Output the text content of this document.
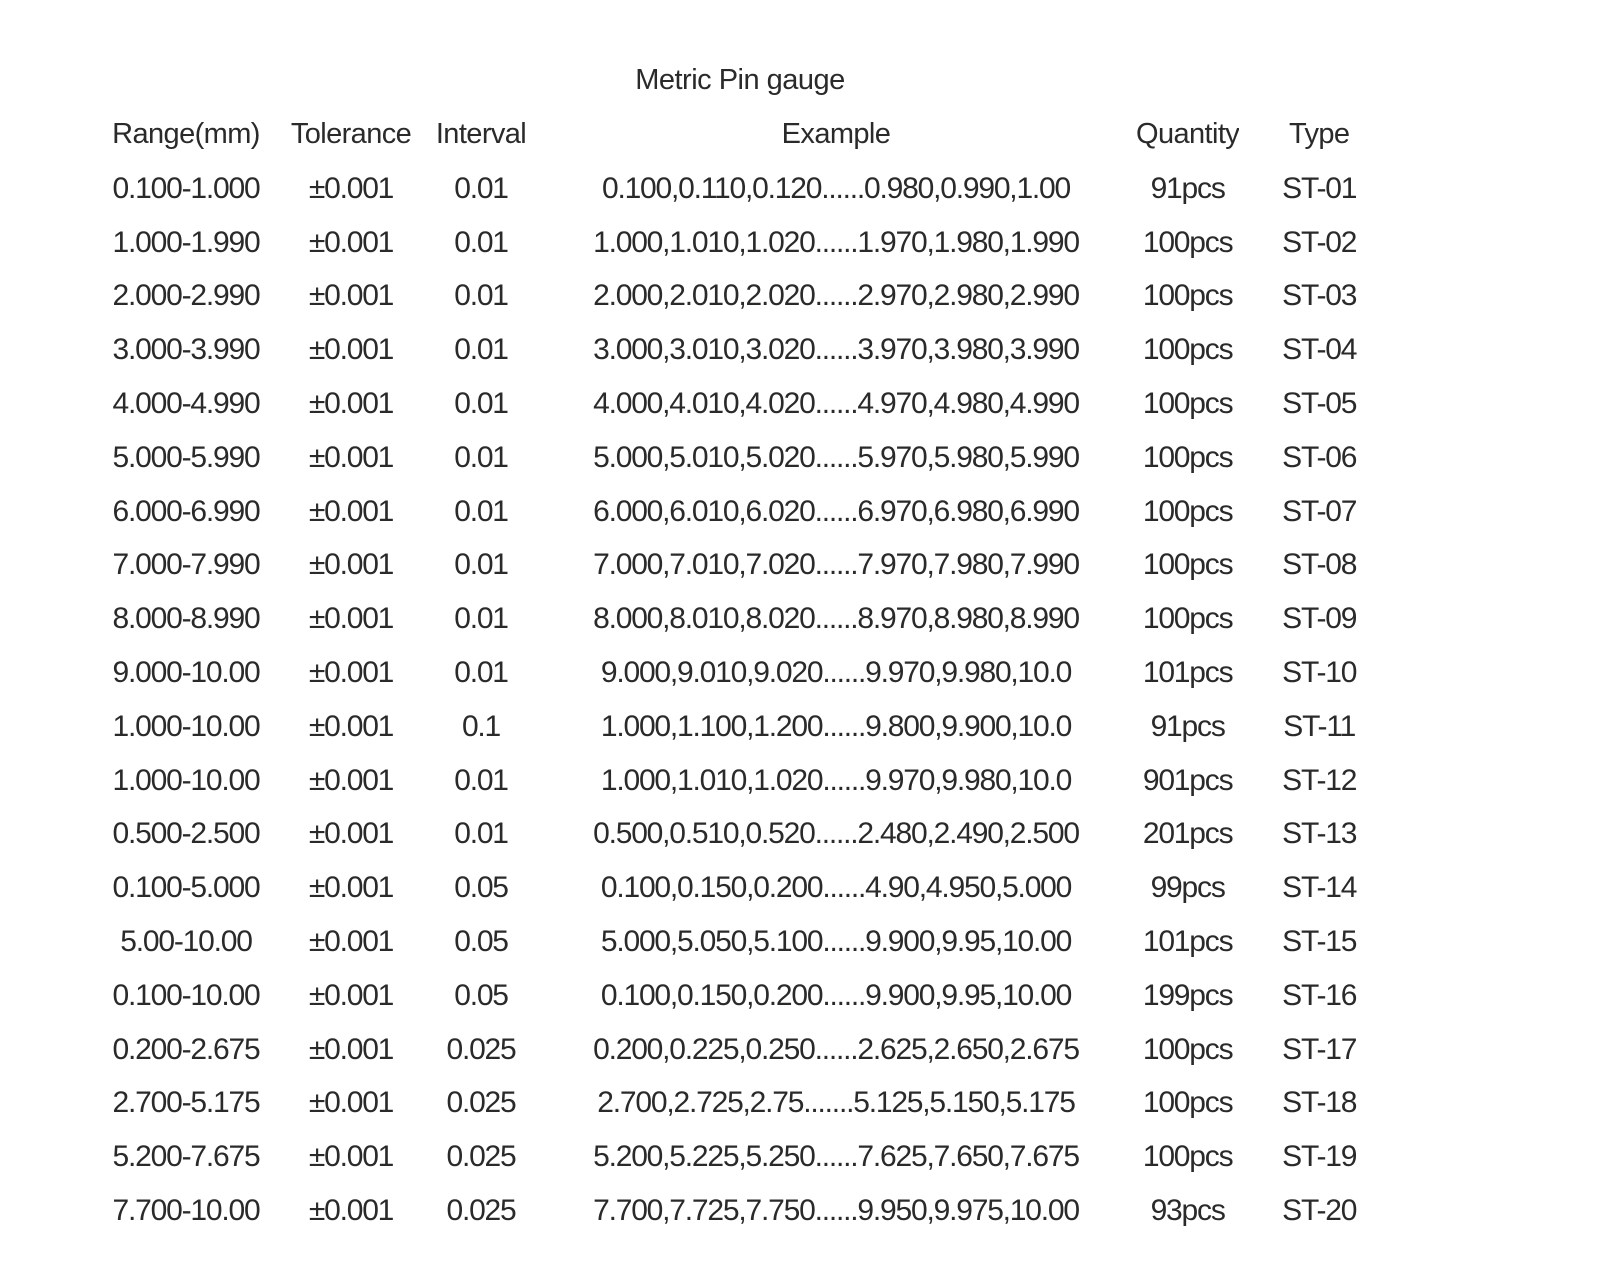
Metric Pin gauge
Range(mm)	Tolerance	Interval	Example	Quantity	Type
0.100-1.000	±0.001	0.01	0.100,0.110,0.120......0.980,0.990,1.00	91pcs	ST-01
1.000-1.990	±0.001	0.01	1.000,1.010,1.020......1.970,1.980,1.990	100pcs	ST-02
2.000-2.990	±0.001	0.01	2.000,2.010,2.020......2.970,2.980,2.990	100pcs	ST-03
3.000-3.990	±0.001	0.01	3.000,3.010,3.020......3.970,3.980,3.990	100pcs	ST-04
4.000-4.990	±0.001	0.01	4.000,4.010,4.020......4.970,4.980,4.990	100pcs	ST-05
5.000-5.990	±0.001	0.01	5.000,5.010,5.020......5.970,5.980,5.990	100pcs	ST-06
6.000-6.990	±0.001	0.01	6.000,6.010,6.020......6.970,6.980,6.990	100pcs	ST-07
7.000-7.990	±0.001	0.01	7.000,7.010,7.020......7.970,7.980,7.990	100pcs	ST-08
8.000-8.990	±0.001	0.01	8.000,8.010,8.020......8.970,8.980,8.990	100pcs	ST-09
9.000-10.00	±0.001	0.01	9.000,9.010,9.020......9.970,9.980,10.0	101pcs	ST-10
1.000-10.00	±0.001	0.1	1.000,1.100,1.200......9.800,9.900,10.0	91pcs	ST-11
1.000-10.00	±0.001	0.01	1.000,1.010,1.020......9.970,9.980,10.0	901pcs	ST-12
0.500-2.500	±0.001	0.01	0.500,0.510,0.520......2.480,2.490,2.500	201pcs	ST-13
0.100-5.000	±0.001	0.05	0.100,0.150,0.200......4.90,4.950,5.000	99pcs	ST-14
5.00-10.00	±0.001	0.05	5.000,5.050,5.100......9.900,9.95,10.00	101pcs	ST-15
0.100-10.00	±0.001	0.05	0.100,0.150,0.200......9.900,9.95,10.00	199pcs	ST-16
0.200-2.675	±0.001	0.025	0.200,0.225,0.250......2.625,2.650,2.675	100pcs	ST-17
2.700-5.175	±0.001	0.025	2.700,2.725,2.75.......5.125,5.150,5.175	100pcs	ST-18
5.200-7.675	±0.001	0.025	5.200,5.225,5.250......7.625,7.650,7.675	100pcs	ST-19
7.700-10.00	±0.001	0.025	7.700,7.725,7.750......9.950,9.975,10.00	93pcs	ST-20
